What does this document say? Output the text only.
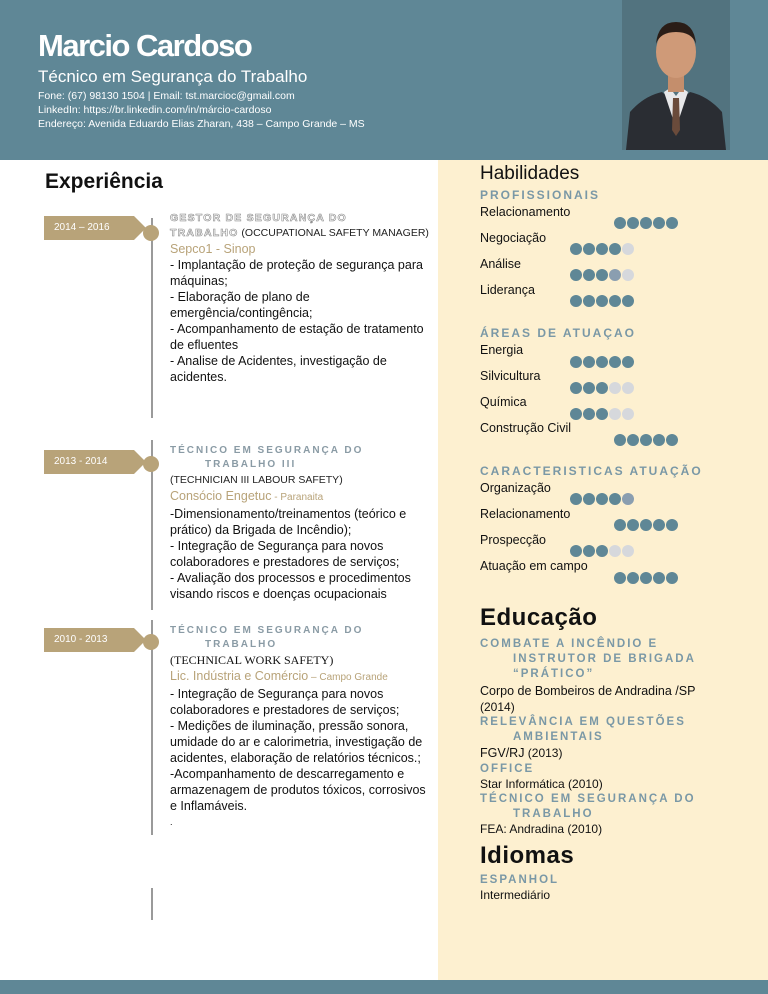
Marcio Cardoso
Técnico em Segurança do Trabalho
Fone: (67) 98130 1504 | Email: tst.marcioc@gmail.com
LinkedIn: https://br.linkedin.com/in/márcio-cardoso
Endereço: Avenida Eduardo Elias Zharan, 438 – Campo Grande – MS
Experiência
2014 – 2016
GESTOR DE SEGURANÇA DO
TRABALHO (OCCUPATIONAL SAFETY MANAGER)
Sepco1 - Sinop

- Implantação de proteção de segurança para máquinas;

- Elaboração de plano de emergência/contingência;

- Acompanhamento de estação de tratamento de efluentes

- Analise de Acidentes, investigação de acidentes.

2013 - 2014
TÉCNICO EM SEGURANÇA DO
TRABALHO III
(TECHNICIAN III LABOUR SAFETY)
Consócio Engetuc - Paranaita

-Dimensionamento/treinamentos (teórico e prático) da Brigada de Incêndio);

- Integração de Segurança para novos colaboradores e prestadores de serviços;

- Avaliação dos processos e procedimentos visando riscos e doenças ocupacionais

2010 - 2013
TÉCNICO EM SEGURANÇA DO
TRABALHO
(TECHNICAL WORK SAFETY)
Lic. Indústria e Comércio – Campo Grande

- Integração de Segurança para novos colaboradores e prestadores de serviços;

- Medições de iluminação, pressão sonora, umidade do ar e calorimetria, investigação de acidentes, elaboração de relatórios técnicos.;

-Acompanhamento de descarregamento e armazenagem de produtos tóxicos, corrosivos e Inflamáveis.

.

Habilidades
PROFISSIONAIS
Relacionamento
Negociação
Análise
Liderança
ÁREAS DE ATUAÇAO
Energia
Silvicultura
Química
Construção Civil
CARACTERISTICAS ATUAÇÃO
Organização
Relacionamento
Prospecção
Atuação em campo
Educação
COMBATE A INCÊNDIO E
INSTRUTOR DE BRIGADA
“PRÁTICO”
Corpo de Bombeiros de Andradina /SP
(2014)
RELEVÂNCIA EM QUESTÕES
AMBIENTAIS
FGV/RJ (2013)
OFFICE
Star Informática (2010)
TÉCNICO EM SEGURANÇA DO
TRABALHO
FEA: Andradina (2010)
Idiomas
ESPANHOL
Intermediário
